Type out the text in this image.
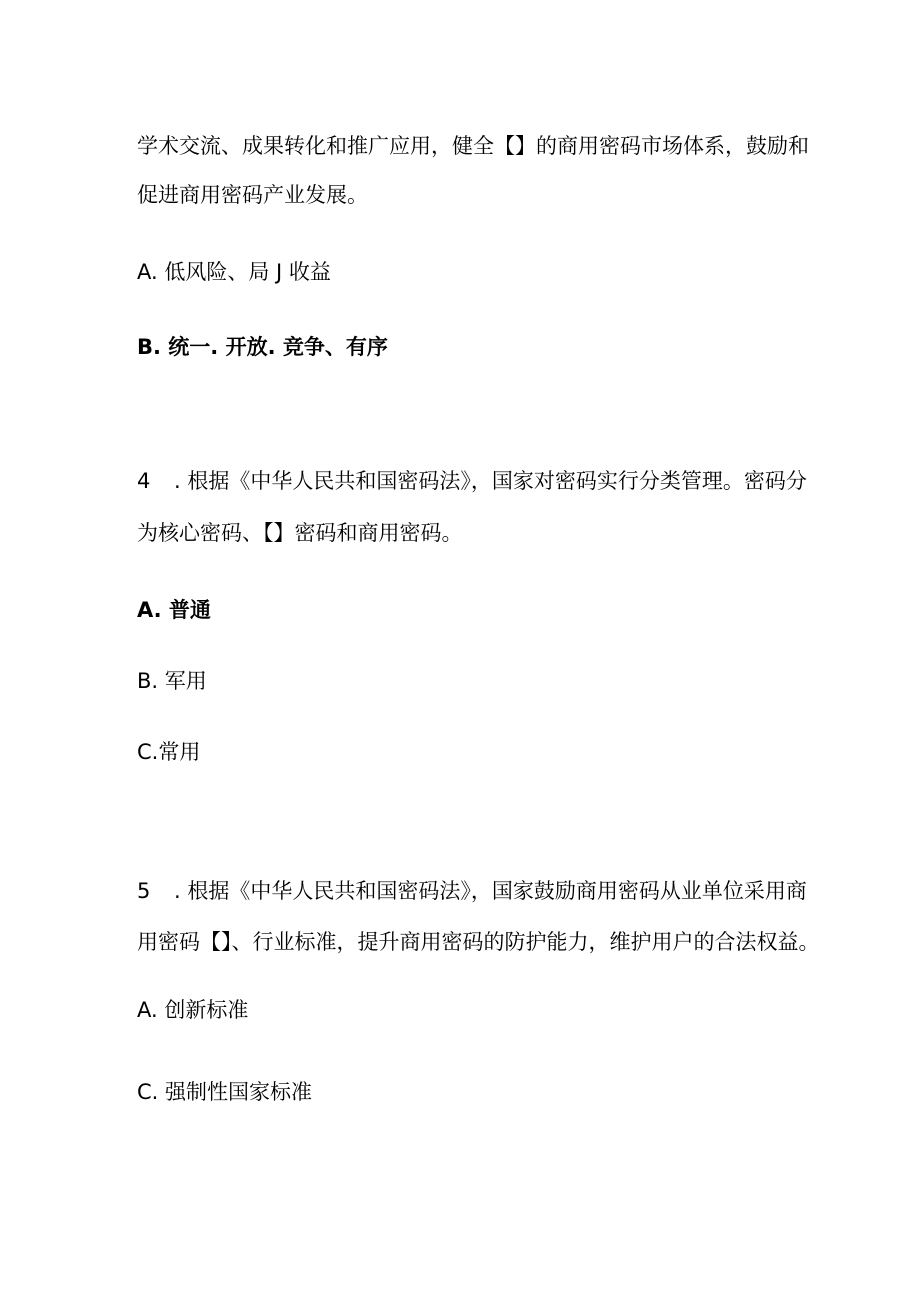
学术交流、成果转化和推广应用，健全【】的商用密码市场体系，鼓励和
促进商用密码产业发展。
A. 低风险、局 J 收益
B. 统一. 开放. 竞争、有序
4 . 根据《中华人民共和国密码法》，国家对密码实行分类管理。密码分
为核心密码、【】密码和商用密码。
A. 普通
B. 军用
C.常用
5 . 根据《中华人民共和国密码法》，国家鼓励商用密码从业单位采用商
用密码【】、行业标准，提升商用密码的防护能力，维护用户的合法权益。
A. 创新标准
C. 强制性国家标准
